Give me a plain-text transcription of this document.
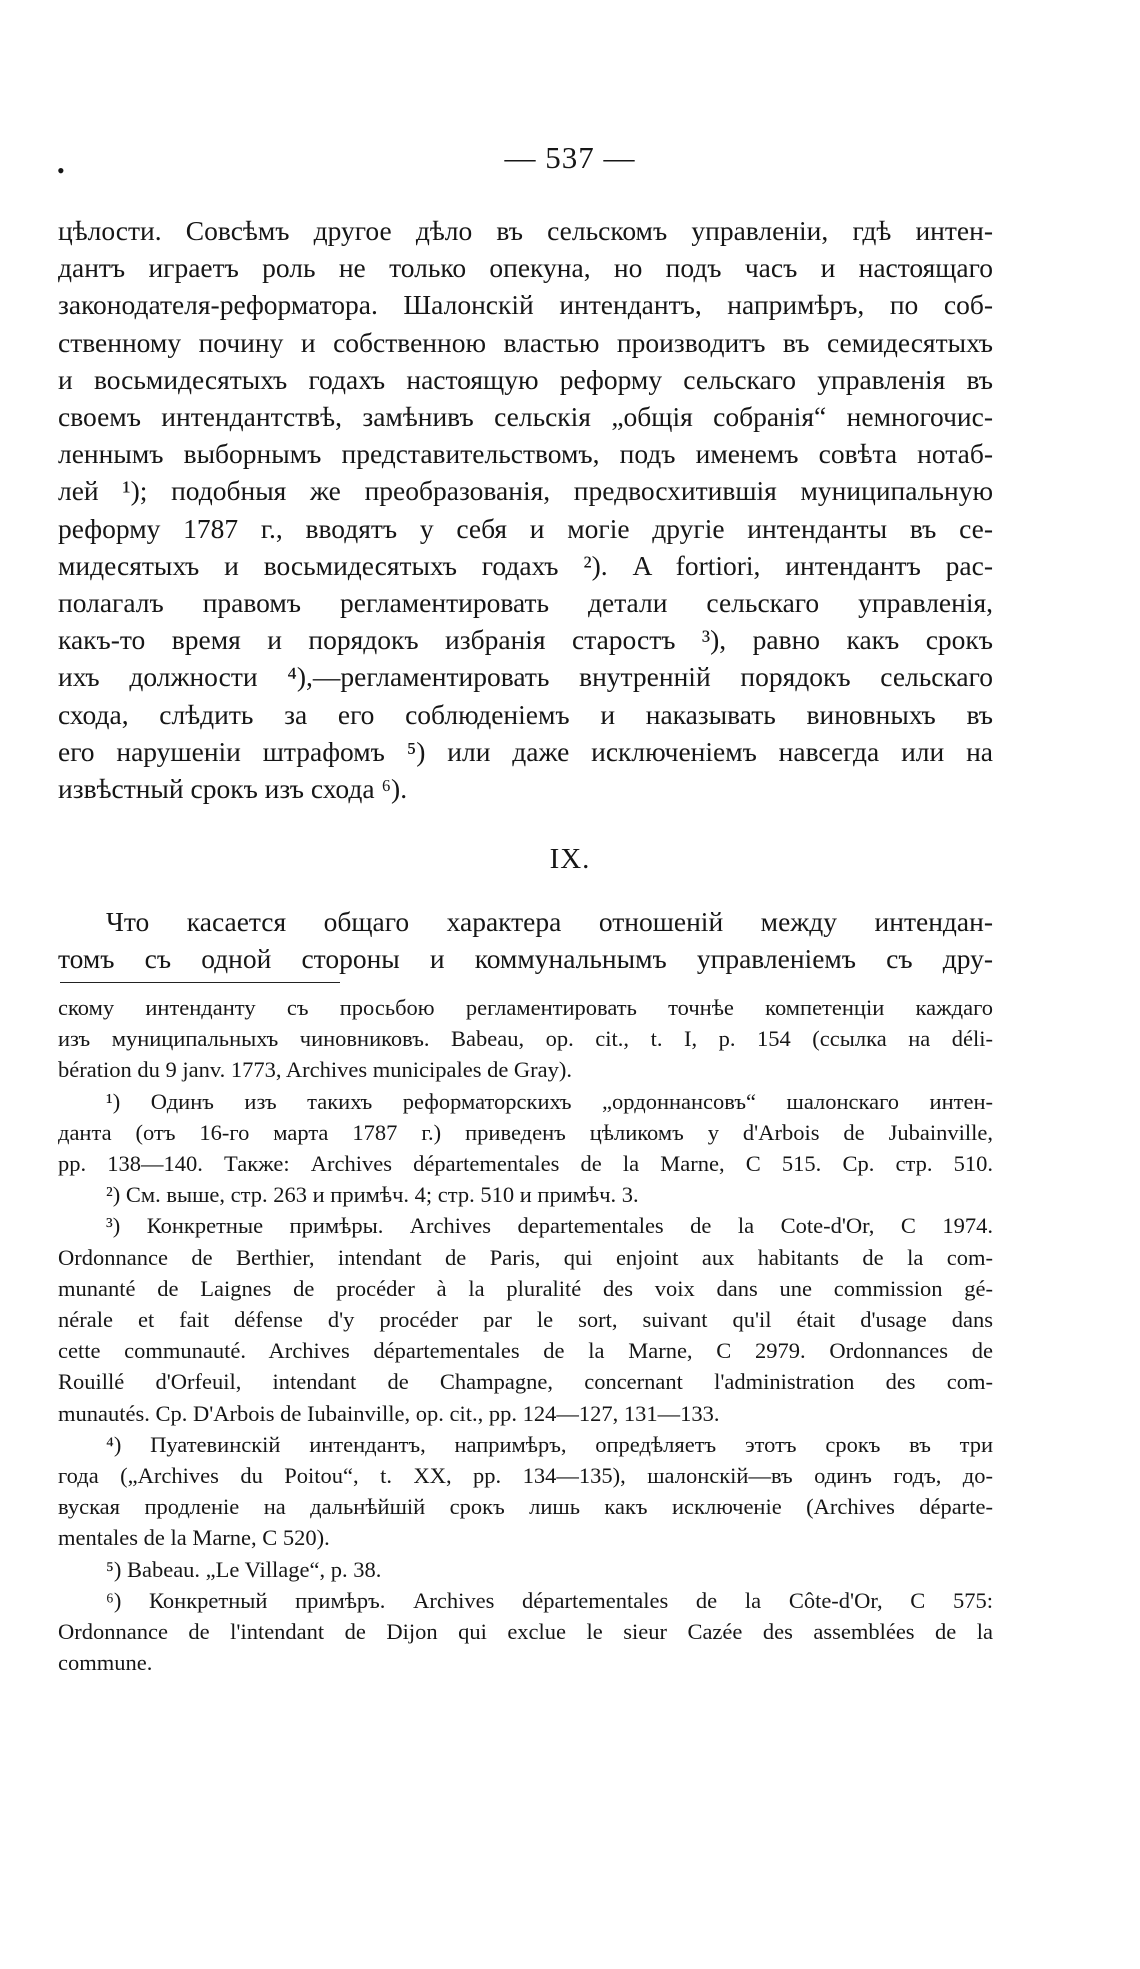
— 537 —
•
цѣлости. Совсѣмъ другое дѣло въ сельскомъ управленіи, гдѣ интен-
дантъ играетъ роль не только опекуна, но подъ часъ и настоящаго
законодателя-реформатора. Шалонскій интендантъ, напримѣръ, по соб-
ственному почину и собственною властью производитъ въ семидесятыхъ
и восьмидесятыхъ годахъ настоящую реформу сельскаго управленія въ
своемъ интендантствѣ, замѣнивъ сельскія „общія собранія“ немногочис-
леннымъ выборнымъ представительствомъ, подъ именемъ совѣта нотаб-
лей ¹); подобныя же преобразованія, предвосхитившія муниципальную
реформу 1787 г., вводятъ у себя и могіе другіе интенданты въ се-
мидесятыхъ и восьмидесятыхъ годахъ ²). A fortiori, интендантъ рас-
полагалъ правомъ регламентировать детали сельскаго управленія,
какъ-то время и порядокъ избранія старостъ ³), равно какъ срокъ
ихъ должности ⁴),—регламентировать внутренній порядокъ сельскаго
схода, слѣдить за его соблюденіемъ и наказывать виновныхъ въ
его нарушеніи штрафомъ ⁵) или даже исключеніемъ навсегда или на
извѣстный срокъ изъ схода ⁶).
IX.
Что касается общаго характера отношеній между интендан-
томъ съ одной стороны и коммунальнымъ управленіемъ съ дру-
скому интенданту съ просьбою регламентировать точнѣе компетенціи каждаго
изъ муниципальныхъ чиновниковъ. Babeau, op. cit., t. I, p. 154 (ссылка на déli-
bération du 9 janv. 1773, Archives municipales de Gray).
¹) Одинъ изъ такихъ реформаторскихъ „ордоннансовъ“ шалонскаго интен-
данта (отъ 16-го марта 1787 г.) приведенъ цѣликомъ у d'Arbois de Jubainville,
pp. 138—140. Также: Archives départementales de la Marne, C 515. Ср. стр. 510.
²) См. выше, стр. 263 и примѣч. 4; стр. 510 и примѣч. 3.
³) Конкретные примѣры. Archives departementales de la Cote-d'Or, C 1974.
Ordonnance de Berthier, intendant de Paris, qui enjoint aux habitants de la com-
munanté de Laignes de procéder à la pluralité des voix dans une commission gé-
nérale et fait défense d'y procéder par le sort, suivant qu'il était d'usage dans
cette communauté. Archives départementales de la Marne, C 2979. Ordonnances de
Rouillé d'Orfeuil, intendant de Champagne, concernant l'administration des com-
munautés. Cp. D'Arbois de Iubainville, op. cit., pp. 124—127, 131—133.
⁴) Пуатевинскій интендантъ, напримѣръ, опредѣляетъ этотъ срокъ въ три
года („Archives du Poitou“, t. XX, pp. 134—135), шалонскій—въ одинъ годъ, до-
вуская продленіе на дальнѣйшій срокъ лишь какъ исключеніе (Archives départe-
mentales de la Marne, C 520).
⁵) Babeau. „Le Village“, p. 38.
⁶) Конкретный примѣръ. Archives départementales de la Côte-d'Or, C 575:
Ordonnance de l'intendant de Dijon qui exclue le sieur Cazée des assemblées de la
commune.
